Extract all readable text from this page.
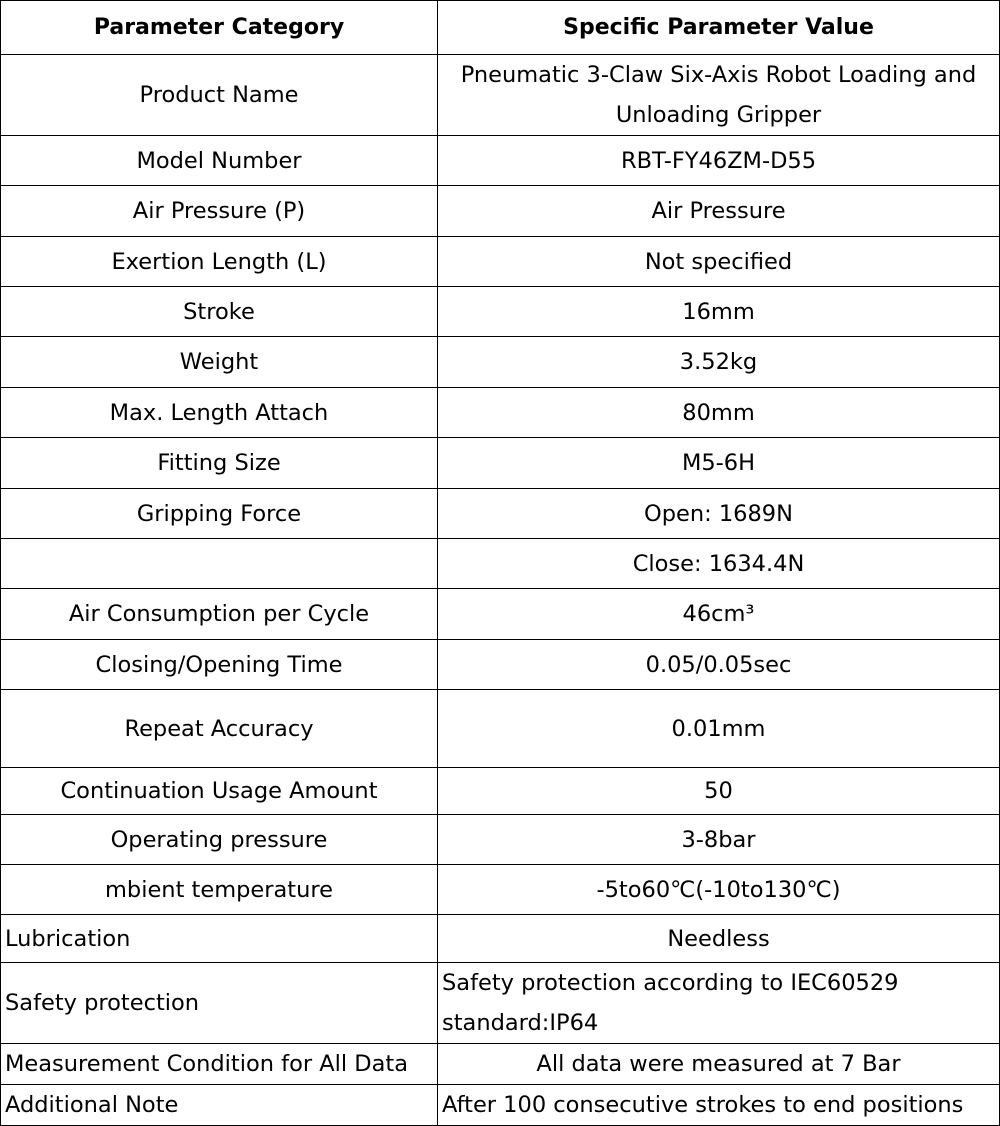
Parameter Category	Specific Parameter Value
Product Name	Pneumatic 3-Claw Six-Axis Robot Loading and Unloading Gripper
Model Number	RBT-FY46ZM-D55
Air Pressure (P)	Air Pressure
Exertion Length (L)	Not specified
Stroke	16mm
Weight	3.52kg
Max. Length Attach	80mm
Fitting Size	M5-6H
Gripping Force	Open: 1689N
	Close: 1634.4N
Air Consumption per Cycle	46cm³
Closing/Opening Time	0.05/0.05sec
Repeat Accuracy	0.01mm
Continuation Usage Amount	50
Operating pressure	3-8bar
mbient temperature	-5to60℃(-10to130℃)
Lubrication	Needless
Safety protection	Safety protection according to IEC60529 standard:IP64
Measurement Condition for All Data	All data were measured at 7 Bar
Additional Note	After 100 consecutive strokes to end positions
